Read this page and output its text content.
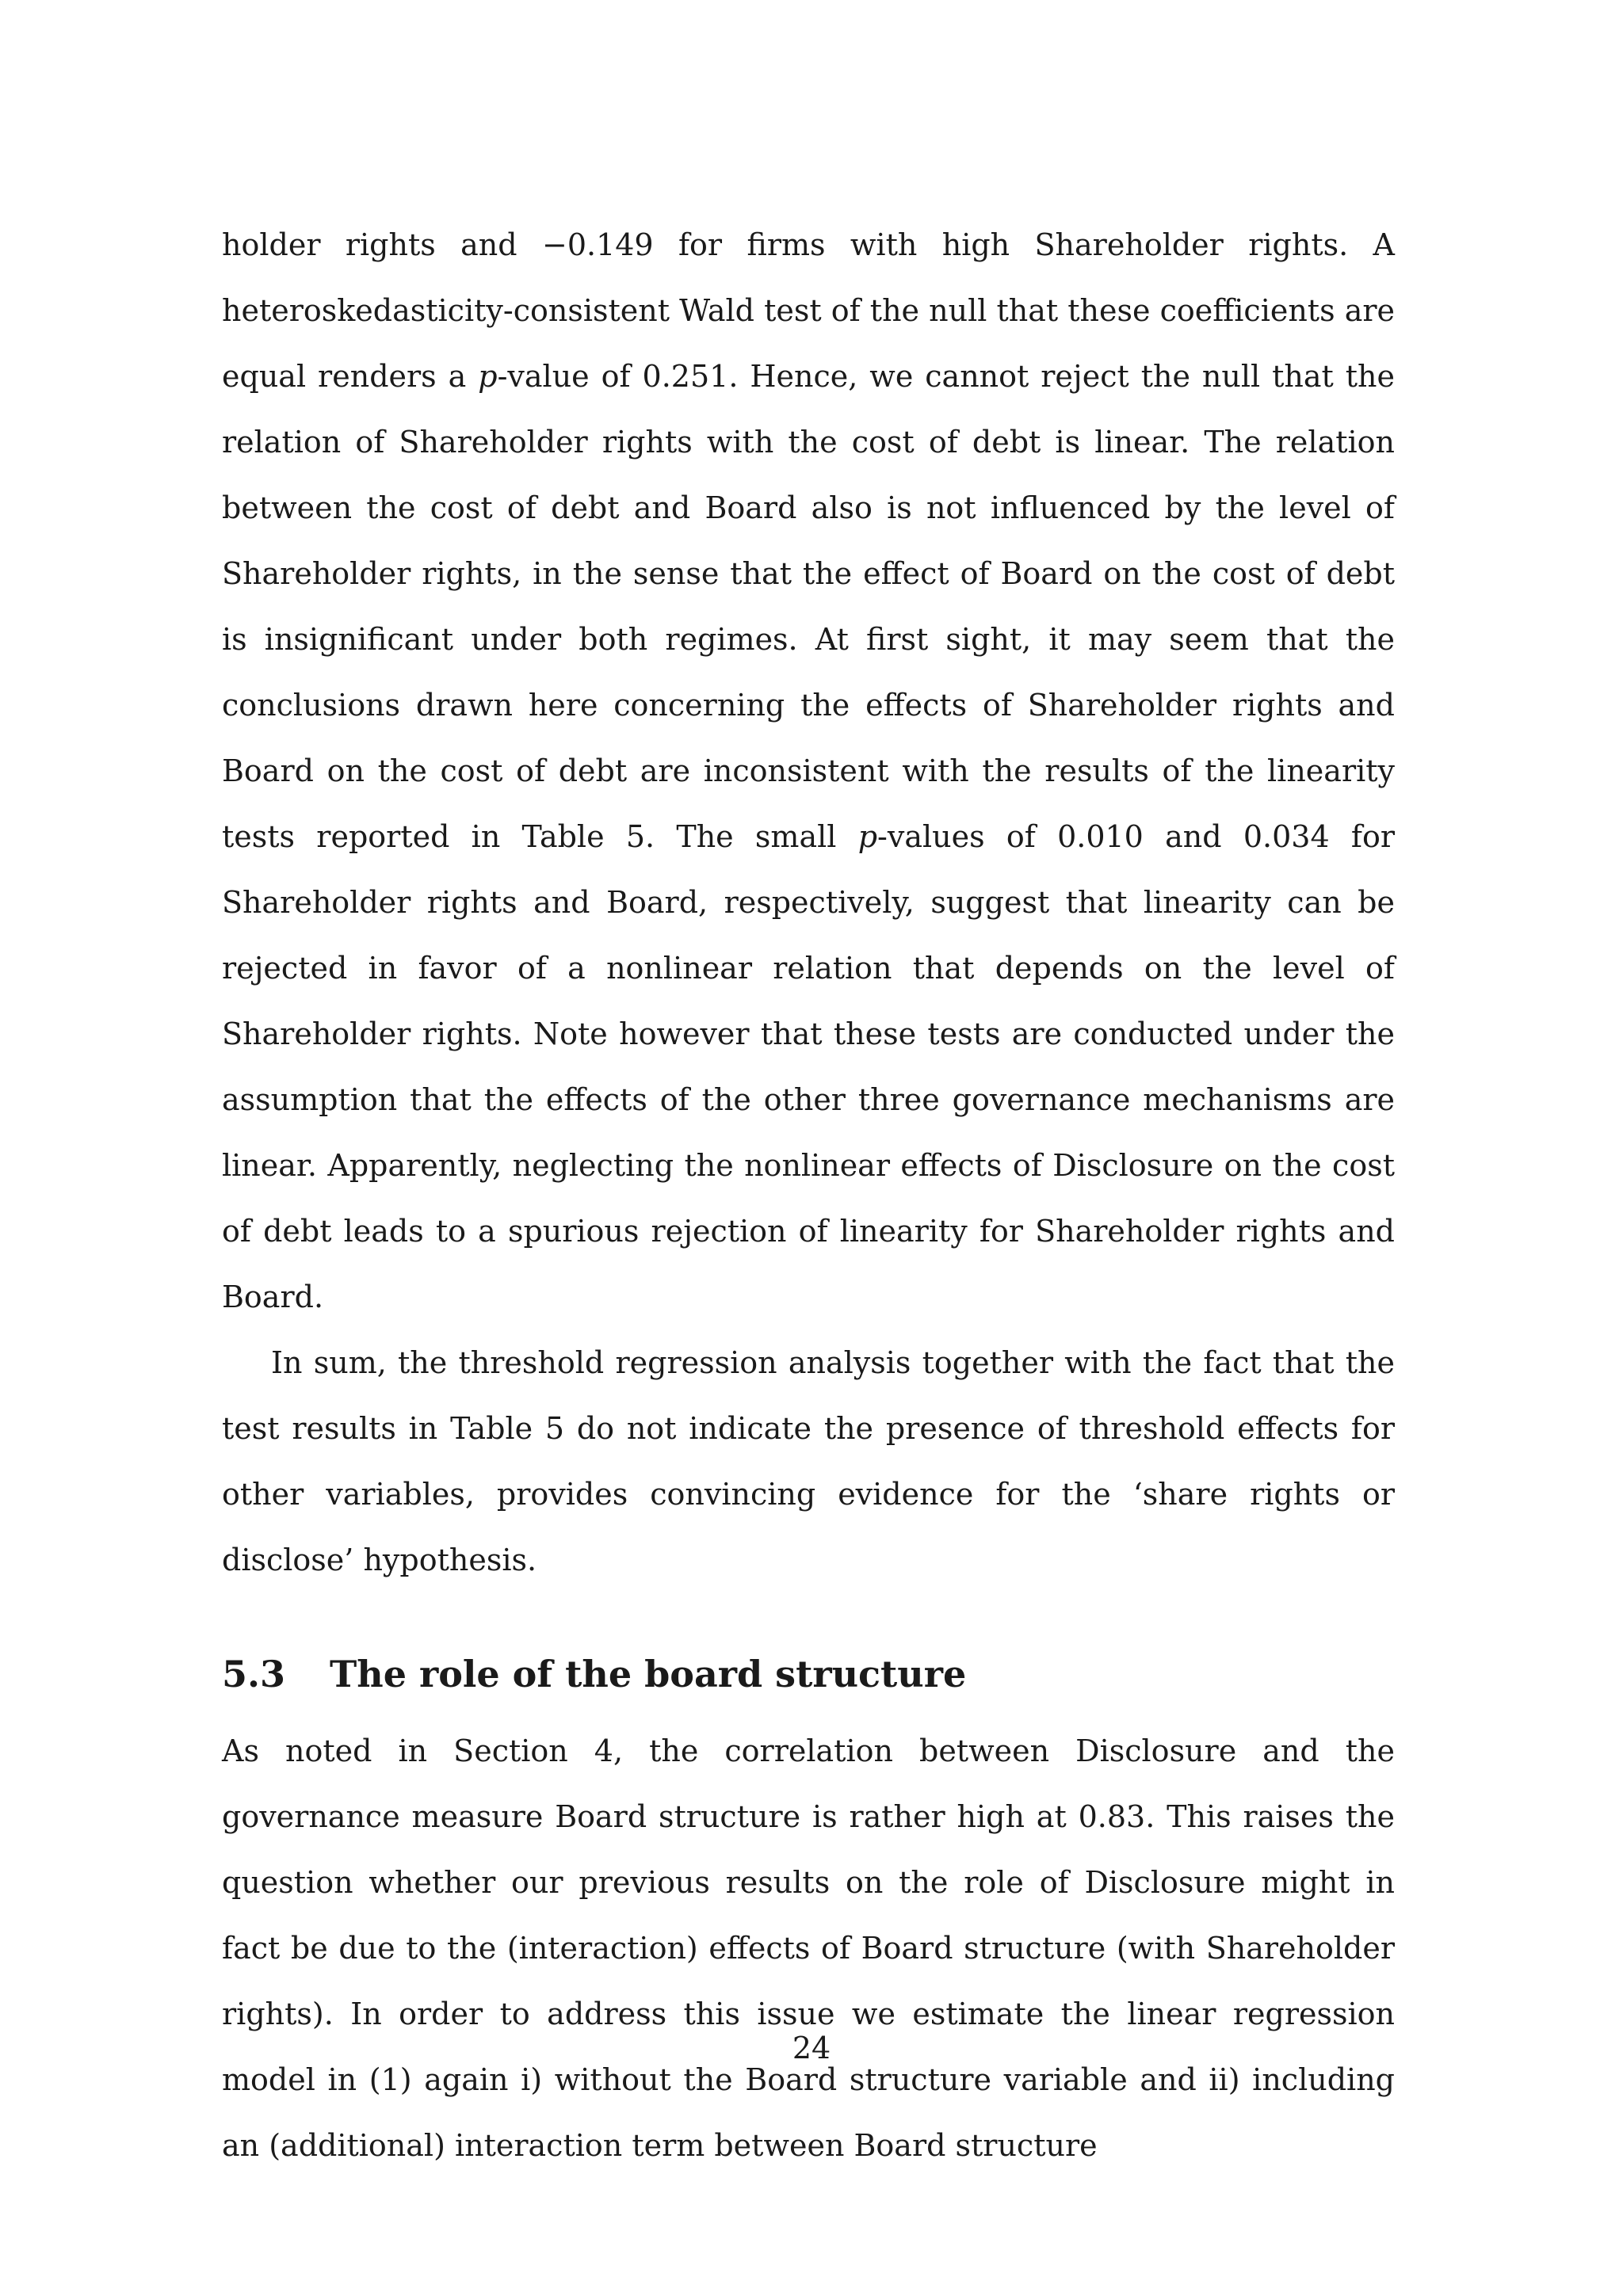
holder rights and −0.149 for firms with high Shareholder rights. A heteroskedasticity-consistent Wald test of the null that these coefficients are equal renders a p-value of 0.251. Hence, we cannot reject the null that the relation of Shareholder rights with the cost of debt is linear. The relation between the cost of debt and Board also is not influenced by the level of Shareholder rights, in the sense that the effect of Board on the cost of debt is insignificant under both regimes. At first sight, it may seem that the conclusions drawn here concerning the effects of Shareholder rights and Board on the cost of debt are inconsistent with the results of the linearity tests reported in Table 5. The small p-values of 0.010 and 0.034 for Shareholder rights and Board, respectively, suggest that linearity can be rejected in favor of a nonlinear relation that depends on the level of Shareholder rights. Note however that these tests are conducted under the assumption that the effects of the other three governance mechanisms are linear. Apparently, neglecting the nonlinear effects of Disclosure on the cost of debt leads to a spurious rejection of linearity for Shareholder rights and Board.

In sum, the threshold regression analysis together with the fact that the test results in Table 5 do not indicate the presence of threshold effects for other variables, provides convincing evidence for the ‘share rights or disclose’ hypothesis.

5.3 The role of the board structure

As noted in Section 4, the correlation between Disclosure and the governance measure Board structure is rather high at 0.83. This raises the question whether our previous results on the role of Disclosure might in fact be due to the (interaction) effects of Board structure (with Shareholder rights). In order to address this issue we estimate the linear regression model in (1) again i) without the Board structure variable and ii) including an (additional) interaction term between Board structure

24
